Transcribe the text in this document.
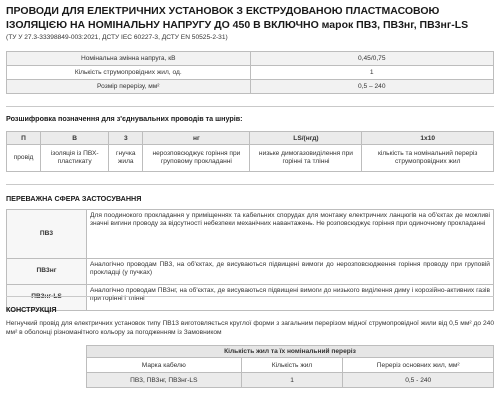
ПРОВОДИ ДЛЯ ЕЛЕКТРИЧНИХ УСТАНОВОК З ЕКСТРУДОВАНОЮ ПЛАСТМАСОВОЮ ІЗОЛЯЦІЄЮ НА НОМІНАЛЬНУ НАПРУГУ ДО 450 В ВКЛЮЧНО марок ПВ3, ПВ3нг, ПВ3нг-LS
(ТУ У 27.3-33398849-003:2021, ДСТУ IEC 60227-3, ДСТУ EN 50525-2-31)
Номінальна змінна напруга, кВ	0,45/0,75
Кількість струмопровідних жил, од.	1
Розмір перерізу, мм²	0,5 – 240
Розшифровка позначення для з'єднувальних проводів та шнурів:
П	В	3	нг	LS/(нгд)	1х10
провід	ізоляція із ПВХ-пластикату	гнучка жила	нерозповсюджує горіння при груповому прокладанні	низьке димогазовиділення при горінні та тлінні	кількість та номінальний переріз струмопровідних жил
ПЕРЕВАЖНА СФЕРА ЗАСТОСУВАННЯ
ПВ3	Для поодинокого прокладання у приміщеннях та кабельних спорудах для монтажу електричних ланцюгів на об'єктах де можливі значні вигини проводу за відсутності небезпеки механічних навантажень. Не розповсюджує горіння при одиночному прокладанні
ПВ3нг	Аналогічно проводам ПВ3, на об'єктах, де висуваються підвищені вимоги до нерозповсюдження горіння проводу при груповій прокладці (у пучках)
ПВ3нг-LS	Аналогічно проводам ПВ3нг, на об'єктах, де висуваються підвищені вимоги до низького виділення диму і корозійно-активних газів при горінні і тлінні
КОНСТРУКЦІЯ
Негнучкий провід для електричних установок типу ПВ13 виготовляється круглої форми з загальним перерізом мідної струмопровідної жили від 0,5 мм² до 240 мм² в оболонці різноманітного кольору за погодженням із Замовником
Кількість жил та їх номінальний переріз		
Марка кабелю	Кількість жил	Переріз основних жил, мм²
ПВ3, ПВ3нг, ПВ3нг-LS	1	0,5 - 240
